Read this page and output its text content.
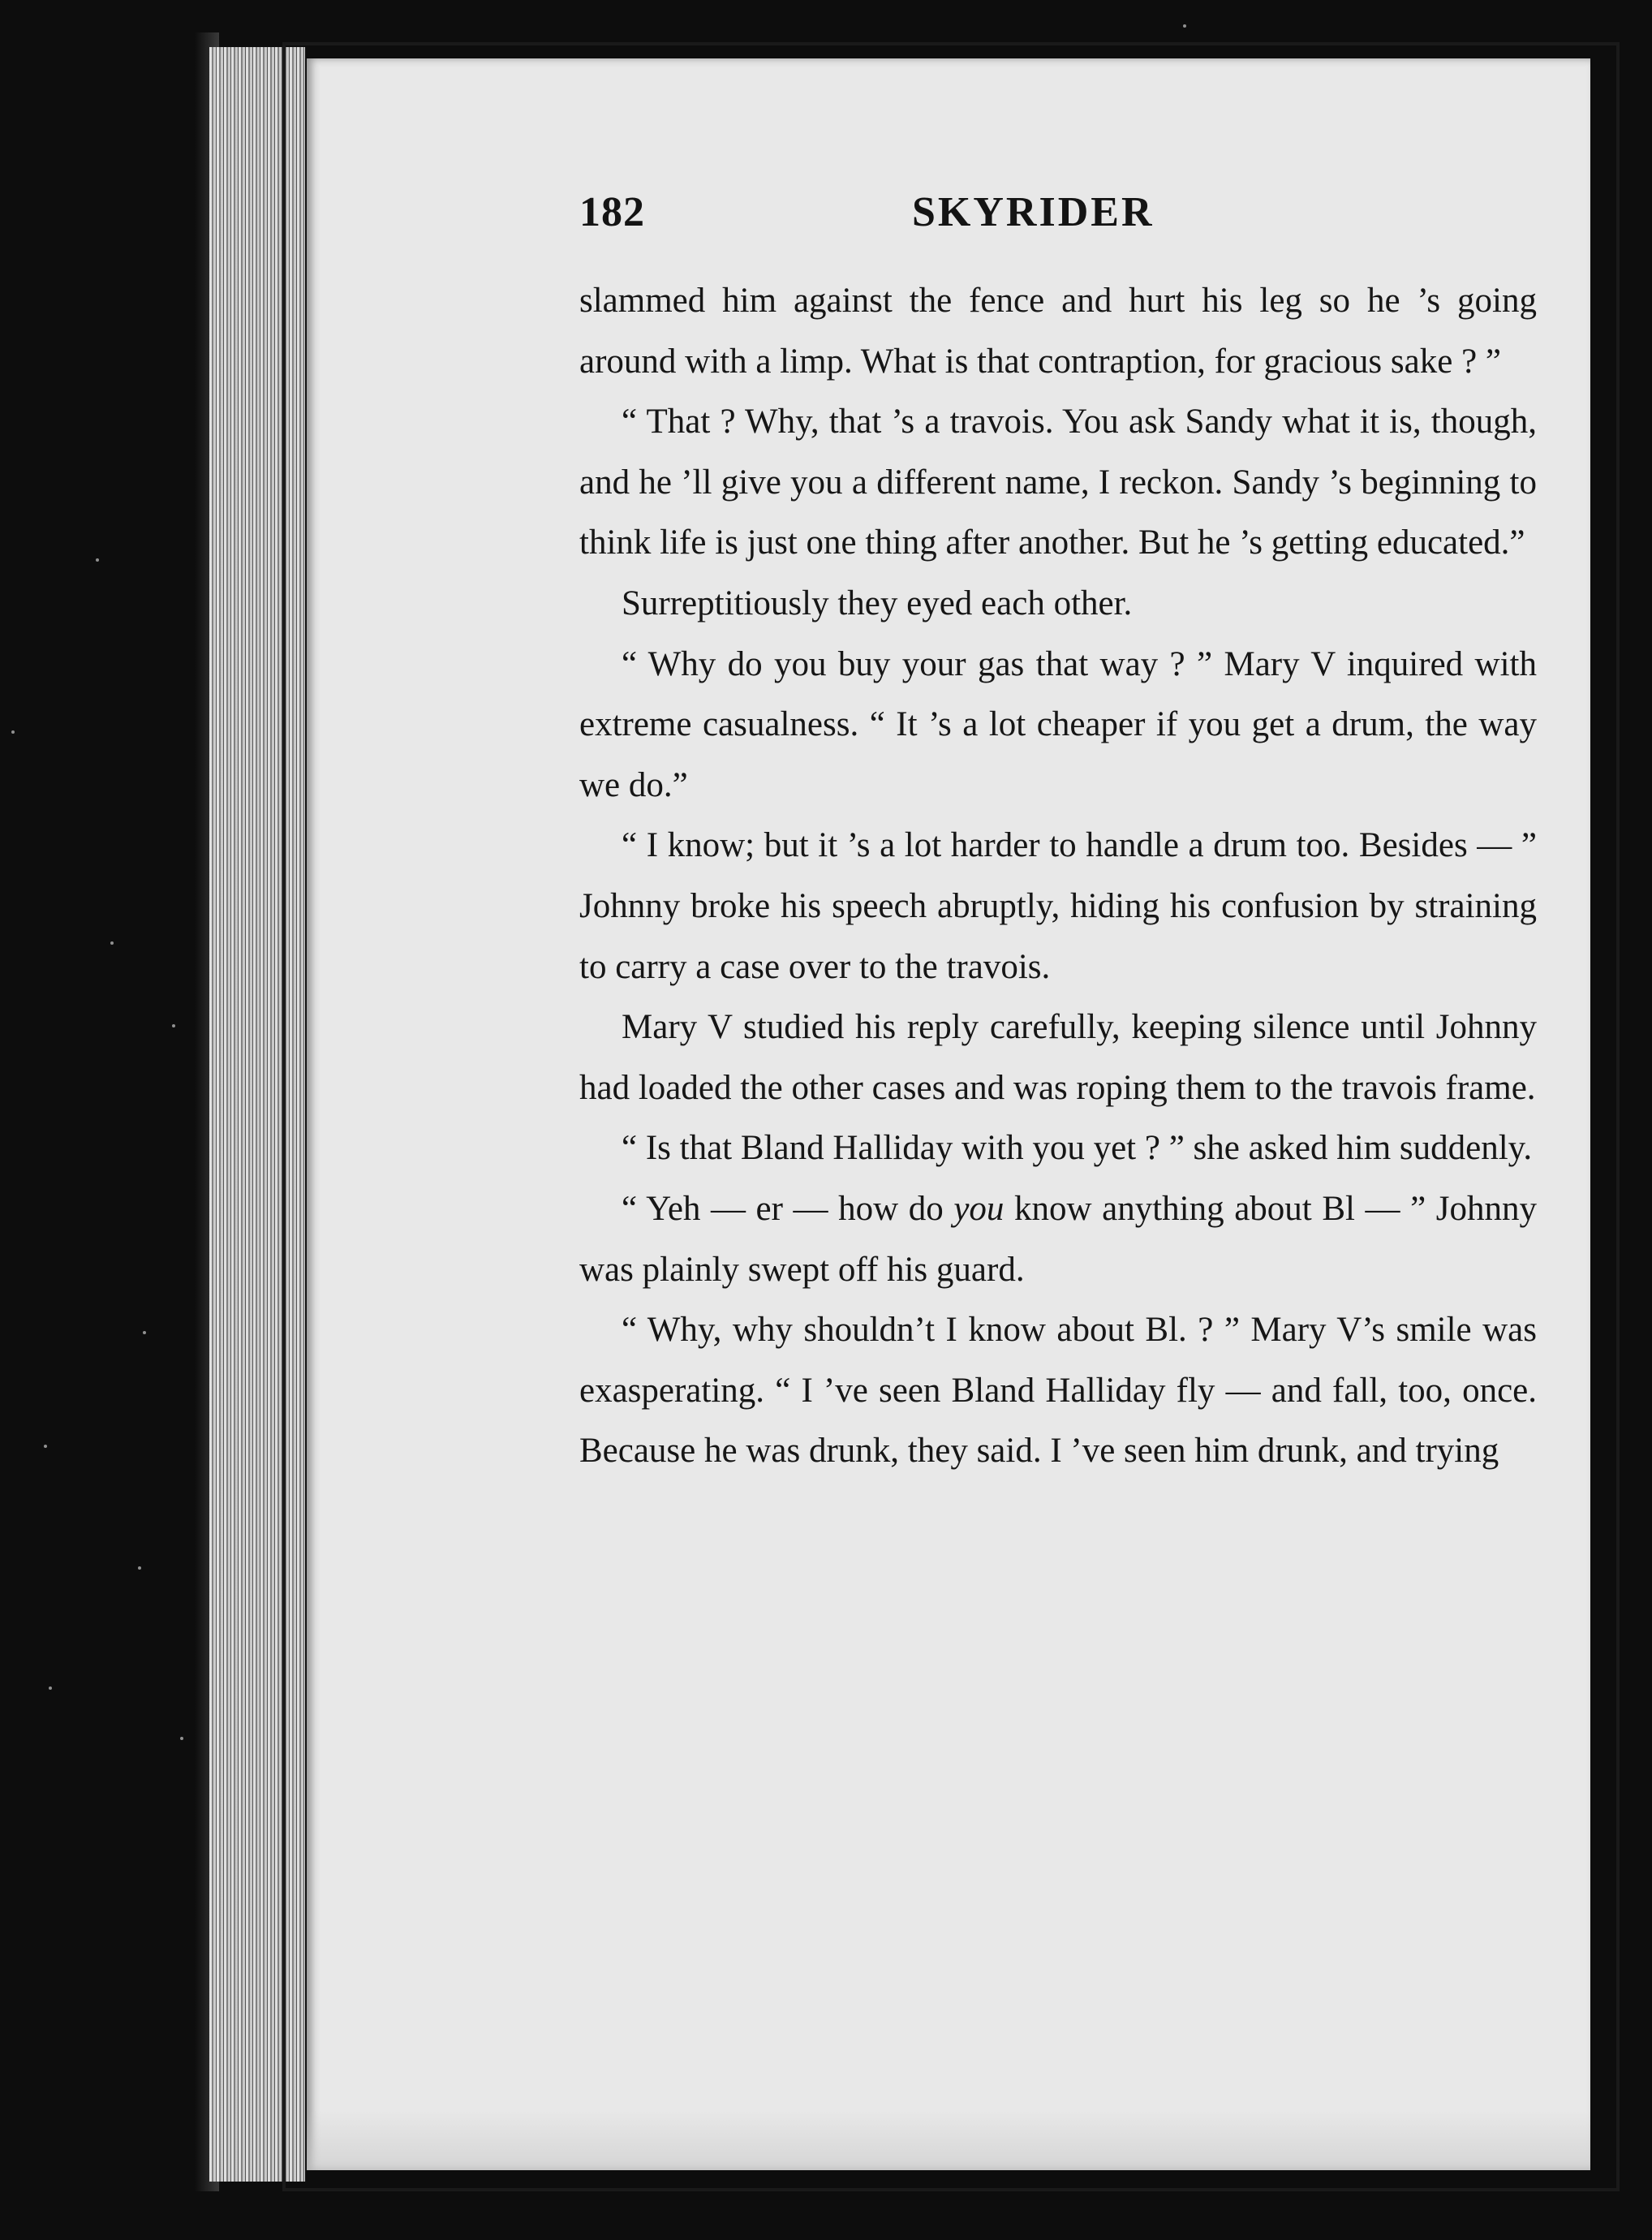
182	SKYRIDER

slammed him against the fence and hurt his leg so he ’s going around with a limp. What is that contraption, for gracious sake ? ”

“ That ? Why, that ’s a travois. You ask Sandy what it is, though, and he ’ll give you a different name, I reckon. Sandy ’s beginning to think life is just one thing after another. But he ’s getting educated.”

Surreptitiously they eyed each other.

“ Why do you buy your gas that way ? ” Mary V inquired with extreme casualness. “ It ’s a lot cheaper if you get a drum, the way we do.”

“ I know; but it ’s a lot harder to handle a drum too. Besides — ” Johnny broke his speech abruptly, hiding his confusion by straining to carry a case over to the travois.

Mary V studied his reply carefully, keeping silence until Johnny had loaded the other cases and was roping them to the travois frame.

“ Is that Bland Halliday with you yet ? ” she asked him suddenly.

“ Yeh — er — how do you know anything about Bl — ” Johnny was plainly swept off his guard.

“ Why, why shouldn’t I know about Bl. ? ” Mary V’s smile was exasperating. “ I ’ve seen Bland Halliday fly — and fall, too, once. Because he was drunk, they said. I ’ve seen him drunk, and trying
